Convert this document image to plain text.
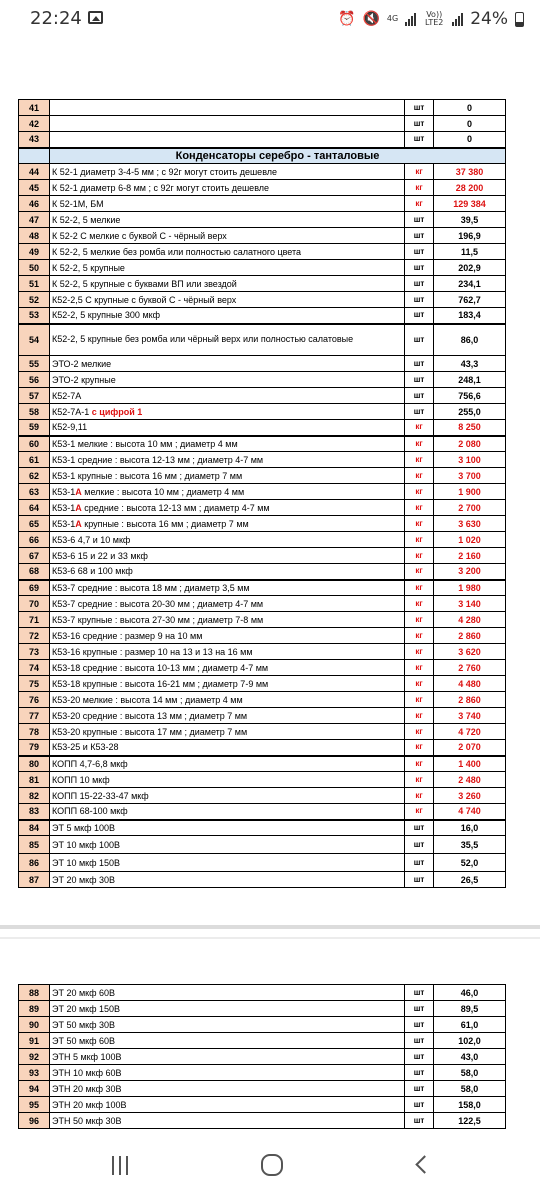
22:24	⏰ 🔇 4G	Vo)) LTE2 24%
41		шт	0
42		шт	0
43		шт	0
	Конденсаторы серебро - танталовые		
44	К 52-1 диаметр 3-4-5 мм ; с 92г могут стоить дешевле	кг	37 380
45	К 52-1 диаметр 6-8 мм ; с 92г могут стоить дешевле	кг	28 200
46	К 52-1М, БМ	кг	129 384
47	К 52-2, 5 мелкие	шт	39,5
48	К 52-2 С мелкие с буквой С - чёрный верх	шт	196,9
49	К 52-2, 5 мелкие без ромба или полностью салатного цвета	шт	11,5
50	К 52-2, 5 крупные	шт	202,9
51	К 52-2, 5 крупные с буквами ВП или звездой	шт	234,1
52	К52-2,5 С крупные с буквой С - чёрный верх	шт	762,7
53	К52-2, 5 крупные 300 мкф	шт	183,4
54	К52-2, 5 крупные без ромба или чёрный верх или полностью салатовые	шт	86,0
55	ЭТО-2 мелкие	шт	43,3
56	ЭТО-2 крупные	шт	248,1
57	К52-7А	шт	756,6
58	К52-7А-1 с цифрой 1	шт	255,0
59	К52-9,11	кг	8 250
60	К53-1 мелкие : высота 10 мм ; диаметр 4 мм	кг	2 080
61	К53-1 средние : высота 12-13 мм ; диаметр 4-7 мм	кг	3 100
62	К53-1 крупные : высота 16 мм ; диаметр 7 мм	кг	3 700
63	К53-1А мелкие : высота 10 мм ; диаметр 4 мм	кг	1 900
64	К53-1А средние : высота 12-13 мм ; диаметр 4-7 мм	кг	2 700
65	К53-1А крупные : высота 16 мм ; диаметр 7 мм	кг	3 630
66	К53-6 4,7 и 10 мкф	кг	1 020
67	К53-6 15 и 22 и 33 мкф	кг	2 160
68	К53-6 68 и 100 мкф	кг	3 200
69	К53-7 средние : высота 18 мм ; диаметр 3,5 мм	кг	1 980
70	К53-7 средние : высота 20-30 мм ; диаметр 4-7 мм	кг	3 140
71	К53-7 крупные : высота 27-30 мм ; диаметр 7-8 мм	кг	4 280
72	К53-16 средние : размер 9 на 10 мм	кг	2 860
73	К53-16 крупные : размер 10 на 13 и 13 на 16 мм	кг	3 620
74	К53-18 средние : высота 10-13 мм ; диаметр 4-7 мм	кг	2 760
75	К53-18 крупные : высота 16-21 мм ; диаметр 7-9 мм	кг	4 480
76	К53-20 мелкие : высота 14 мм ; диаметр 4 мм	кг	2 860
77	К53-20 средние : высота 13 мм ; диаметр 7 мм	кг	3 740
78	К53-20 крупные : высота 17 мм ; диаметр 7 мм	кг	4 720
79	К53-25 и К53-28	кг	2 070
80	КОПП 4,7-6,8 мкф	кг	1 400
81	КОПП 10 мкф	кг	2 480
82	КОПП 15-22-33-47 мкф	кг	3 260
83	КОПП 68-100 мкф	кг	4 740
84	ЭТ 5 мкф 100В	шт	16,0
85	ЭТ 10 мкф 100В	шт	35,5
86	ЭТ 10 мкф 150В	шт	52,0
87	ЭТ 20 мкф 30В	шт	26,5
88	ЭТ 20 мкф 60В	шт	46,0
89	ЭТ 20 мкф 150В	шт	89,5
90	ЭТ 50 мкф 30В	шт	61,0
91	ЭТ 50 мкф 60В	шт	102,0
92	ЭТН 5 мкф 100В	шт	43,0
93	ЭТН 10 мкф 60В	шт	58,0
94	ЭТН 20 мкф 30В	шт	58,0
95	ЭТН 20 мкф 100В	шт	158,0
96	ЭТН 50 мкф 30В	шт	122,5
